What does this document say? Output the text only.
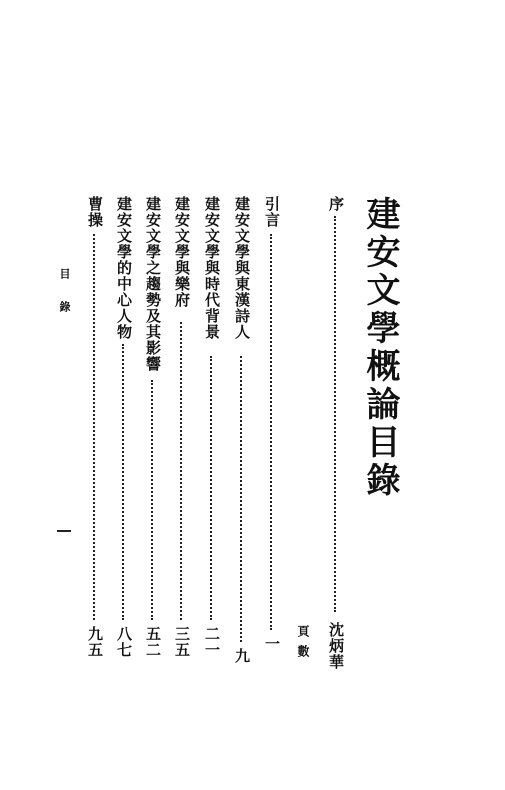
建安文學概論目錄
序
沈炳華
頁數
引言
一
建安文學與東漢詩人
九
建安文學與時代背景
二一
建安文學與樂府
三五
建安文學之趨勢及其影響
五二
建安文學的中心人物
八七
曹操
九五
目錄
